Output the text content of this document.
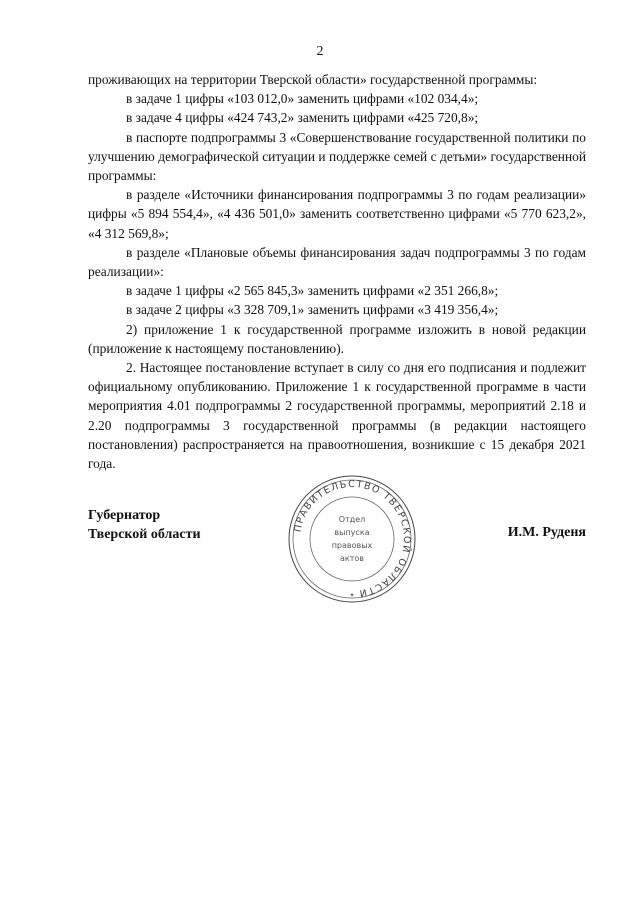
2

проживающих на территории Тверской области» государственной программы:

в задаче 1 цифры «103 012,0» заменить цифрами «102 034,4»;

в задаче 4 цифры «424 743,2» заменить цифрами «425 720,8»;

в паспорте подпрограммы 3 «Совершенствование государственной политики по улучшению демографической ситуации и поддержке семей с детьми» государственной программы:

в разделе «Источники финансирования подпрограммы 3 по годам реализации» цифры «5 894 554,4», «4 436 501,0» заменить соответственно цифрами «5 770 623,2», «4 312 569,8»;

в разделе «Плановые объемы финансирования задач подпрограммы 3 по годам реализации»:

в задаче 1 цифры «2 565 845,3» заменить цифрами «2 351 266,8»;

в задаче 2 цифры «3 328 709,1» заменить цифрами «3 419 356,4»;

2) приложение 1 к государственной программе изложить в новой редакции (приложение к настоящему постановлению).

2. Настоящее постановление вступает в силу со дня его подписания и подлежит официальному опубликованию. Приложение 1 к государственной программе в части мероприятия 4.01 подпрограммы 2 государственной программы, мероприятий 2.18 и 2.20 подпрограммы 3 государственной программы (в редакции настоящего постановления) распространяется на правоотношения, возникшие с 15 декабря 2021 года.

Губернатор
Тверской области	И.М. Руденя
ПРАВИТЕЛЬСТВО ТВЕРСКОЙ ОБЛАСТИ
Отдел
выпуска
правовых
актов
✦
